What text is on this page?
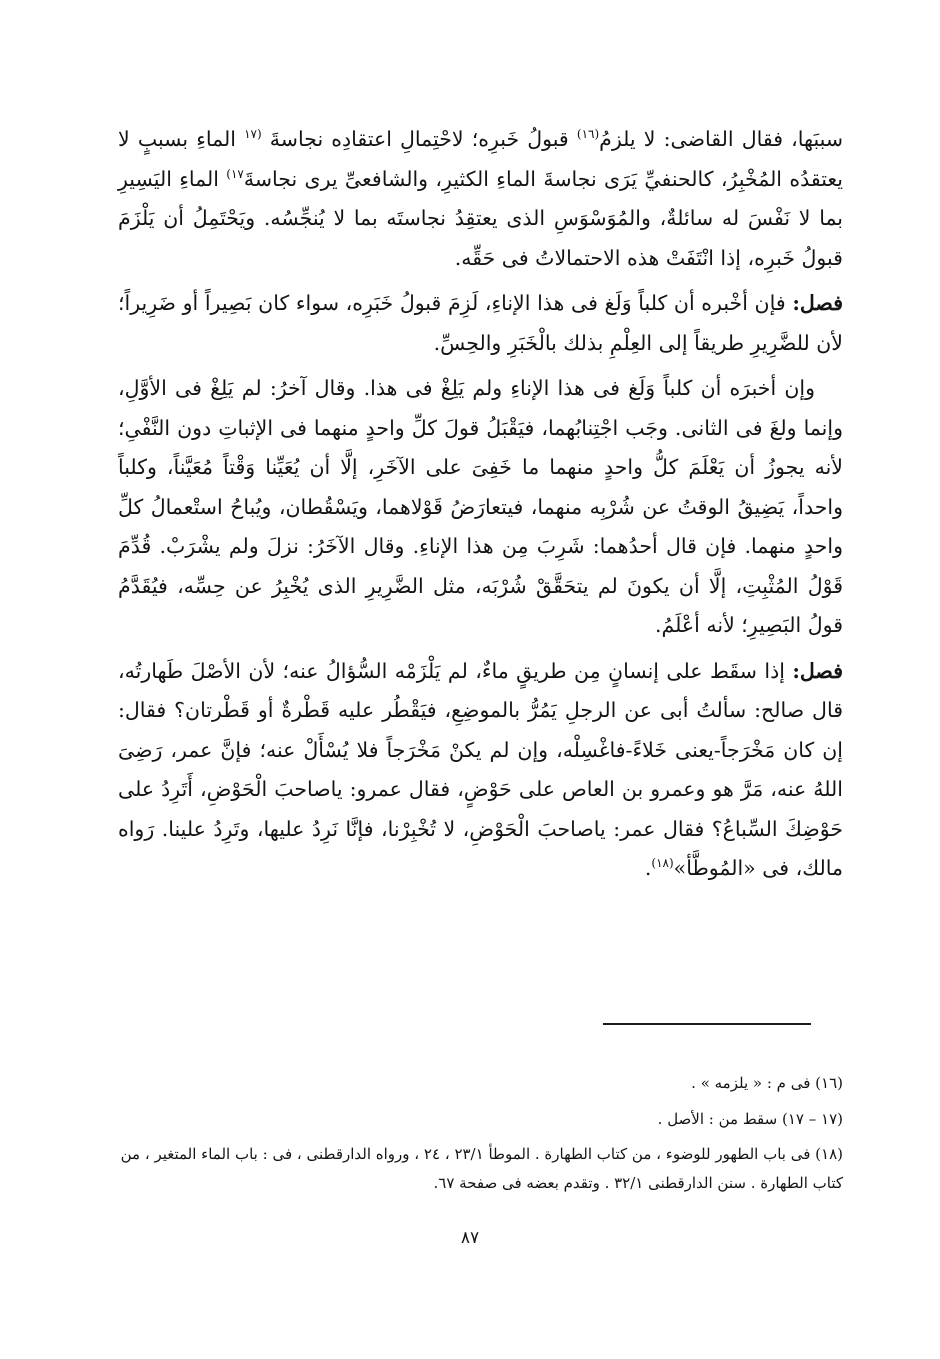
سببَها، فقال القاضى: لا يلزمُ$^{(١٦)}$ قبولُ خَبرِه؛ لاحْتِمالِ اعتقادِه نجاسةَ $^{(١٧}$ الماءِ بسببٍ لا يعتقدُه المُخْبِرُ، كالحنفيِّ يَرَى نجاسةَ الماءِ الكثيرِ، والشافعىِّ يرى نجاسةَ$^{١٧)}$ الماءِ اليَسِيرِ بما لا نَفْسَ له سائلةٌ، والمُوَسْوَسِ الذى يعتقِدُ نجاستَه بما لا يُنجِّسُه. ويَحْتَمِلُ أن يَلْزَمَ قبولُ خَبرِه، إذا انْتَفَتْ هذه الاحتمالاتُ فى حَقِّه.

فصل: فإن أخْبره أن كلباً وَلَغ فى هذا الإناءِ، لَزِمَ قبولُ خَبَرِه، سواء كان بَصِيراً أو ضَرِيراً؛ لأن للضَّرِيرِ طريقاً إلى العِلْمِ بذلك بالْخَبَرِ والحِسِّ.

وإن أخبرَه أن كلباً وَلَغ فى هذا الإناءِ ولم يَلِغْ فى هذا. وقال آخرُ: لم يَلِغْ فى الأوَّلِ، وإنما ولغَ فى الثانى. وجَب اجْتِنابُهما، فيَقْبَلُ قولَ كلِّ واحدٍ منهما فى الإثباتِ دون النَّفْىِ؛ لأنه يجوزُ أن يَعْلَمَ كلُّ واحدٍ منهما ما خَفِىَ على الآخَرِ، إلَّا أن يُعَيِّنا وَقْتاً مُعَيَّناً، وكلباً واحداً، يَضِيقُ الوقتُ عن شُرْبِه منهما، فيتعارَضُ قَوْلاهما، ويَسْقُطان، ويُباحُ استْعمالُ كلِّ واحدٍ منهما. فإن قال أحدُهما: شَرِبَ مِن هذا الإناءِ. وقال الآخَرُ: نزلَ ولم يشْرَبْ. قُدِّمَ قَوْلُ المُثْبِتِ، إلَّا أن يكونَ لم يتحَقَّقْ شُرْبَه، مثل الضَّرِيرِ الذى يُخْبِرُ عن حِسِّه، فيُقَدَّمُ قولُ البَصِيرِ؛ لأنه أعْلَمُ.

فصل: إذا سقَط على إنسانٍ مِن طريقٍ ماءٌ، لم يَلْزَمْه السُّؤالُ عنه؛ لأن الأصْلَ طَهارتُه، قال صالح: سألتُ أبى عن الرجلِ يَمُرُّ بالموضِعِ، فيَقْطُر عليه قَطْرةٌ أو قَطْرتان؟ فقال: إن كان مَخْرَجاً-يعنى خَلاءً-فاغْسِلْه، وإن لم يكنْ مَخْرَجاً فلا يُسْأَلْ عنه؛ فإنَّ عمر، رَضِىَ اللهُ عنه، مَرَّ هو وعمرو بن العاص على حَوْضٍ، فقال عمرو: ياصاحبَ الْحَوْضِ، أَتَرِدُ على حَوْضِكَ السِّباعُ؟ فقال عمر: ياصاحبَ الْحَوْضِ، لا تُخْبِرْنا، فإنَّا نَرِدُ عليها، وتَرِدُ علينا. رَواه مالك، فى «المُوطَّأ»$^{(١٨)}$.

(١٦) فى م : « يلزمه » .

(١٧ – ١٧) سقط من : الأصل .

(١٨) فى باب الطهور للوضوء ، من كتاب الطهارة . الموطأ ٢٣/١ ، ٢٤ ، ورواه الدارقطنى ، فى : باب الماء المتغير ، من كتاب الطهارة . سنن الدارقطنى ٣٢/١ . وتقدم بعضه فى صفحة ٦٧.

٨٧
